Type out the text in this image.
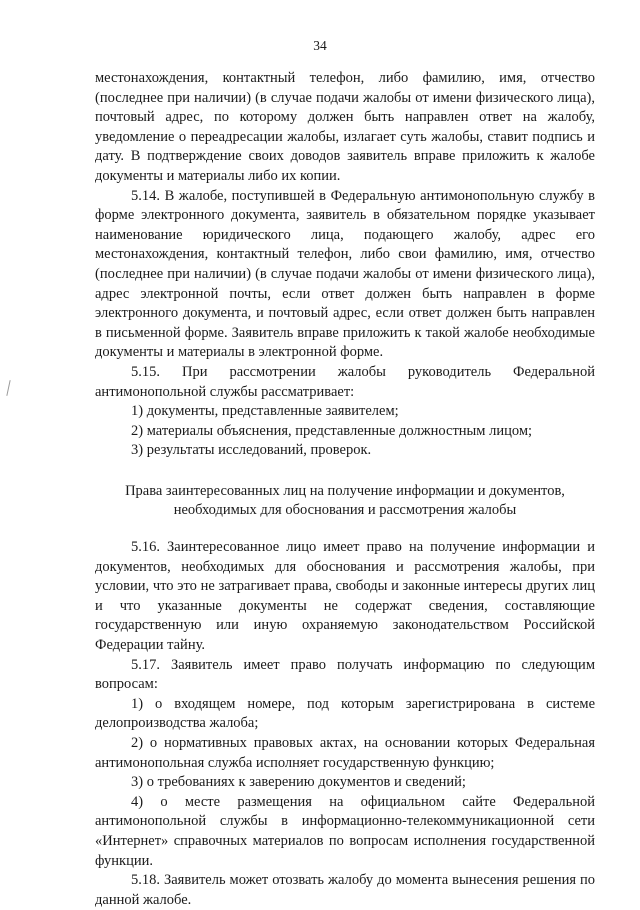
34

местонахождения, контактный телефон, либо фамилию, имя, отчество (последнее при наличии) (в случае подачи жалобы от имени физического лица), почтовый адрес, по которому должен быть направлен ответ на жалобу, уведомление о переадресации жалобы, излагает суть жалобы, ставит подпись и дату. В подтверждение своих доводов заявитель вправе приложить к жалобе документы и материалы либо их копии.

5.14. В жалобе, поступившей в Федеральную антимонопольную службу в форме электронного документа, заявитель в обязательном порядке указывает наименование юридического лица, подающего жалобу, адрес его местонахождения, контактный телефон, либо свои фамилию, имя, отчество (последнее при наличии) (в случае подачи жалобы от имени физического лица), адрес электронной почты, если ответ должен быть направлен в форме электронного документа, и почтовый адрес, если ответ должен быть направлен в письменной форме. Заявитель вправе приложить к такой жалобе необходимые документы и материалы в электронной форме.

5.15. При рассмотрении жалобы руководитель Федеральной антимонопольной службы рассматривает:

1) документы, представленные заявителем;

2) материалы объяснения, представленные должностным лицом;

3) результаты исследований, проверок.

Права заинтересованных лиц на получение информации и документов, необходимых для обоснования и рассмотрения жалобы

5.16. Заинтересованное лицо имеет право на получение информации и документов, необходимых для обоснования и рассмотрения жалобы, при условии, что это не затрагивает права, свободы и законные интересы других лиц и что указанные документы не содержат сведения, составляющие государственную или иную охраняемую законодательством Российской Федерации тайну.

5.17. Заявитель имеет право получать информацию по следующим вопросам:

1) о входящем номере, под которым зарегистрирована в системе делопроизводства жалоба;

2) о нормативных правовых актах, на основании которых Федеральная антимонопольная служба исполняет государственную функцию;

3) о требованиях к заверению документов и сведений;

4) о месте размещения на официальном сайте Федеральной антимонопольной службы в информационно-телекоммуникационной сети «Интернет» справочных материалов по вопросам исполнения государственной функции.

5.18. Заявитель может отозвать жалобу до момента вынесения решения по данной жалобе.
